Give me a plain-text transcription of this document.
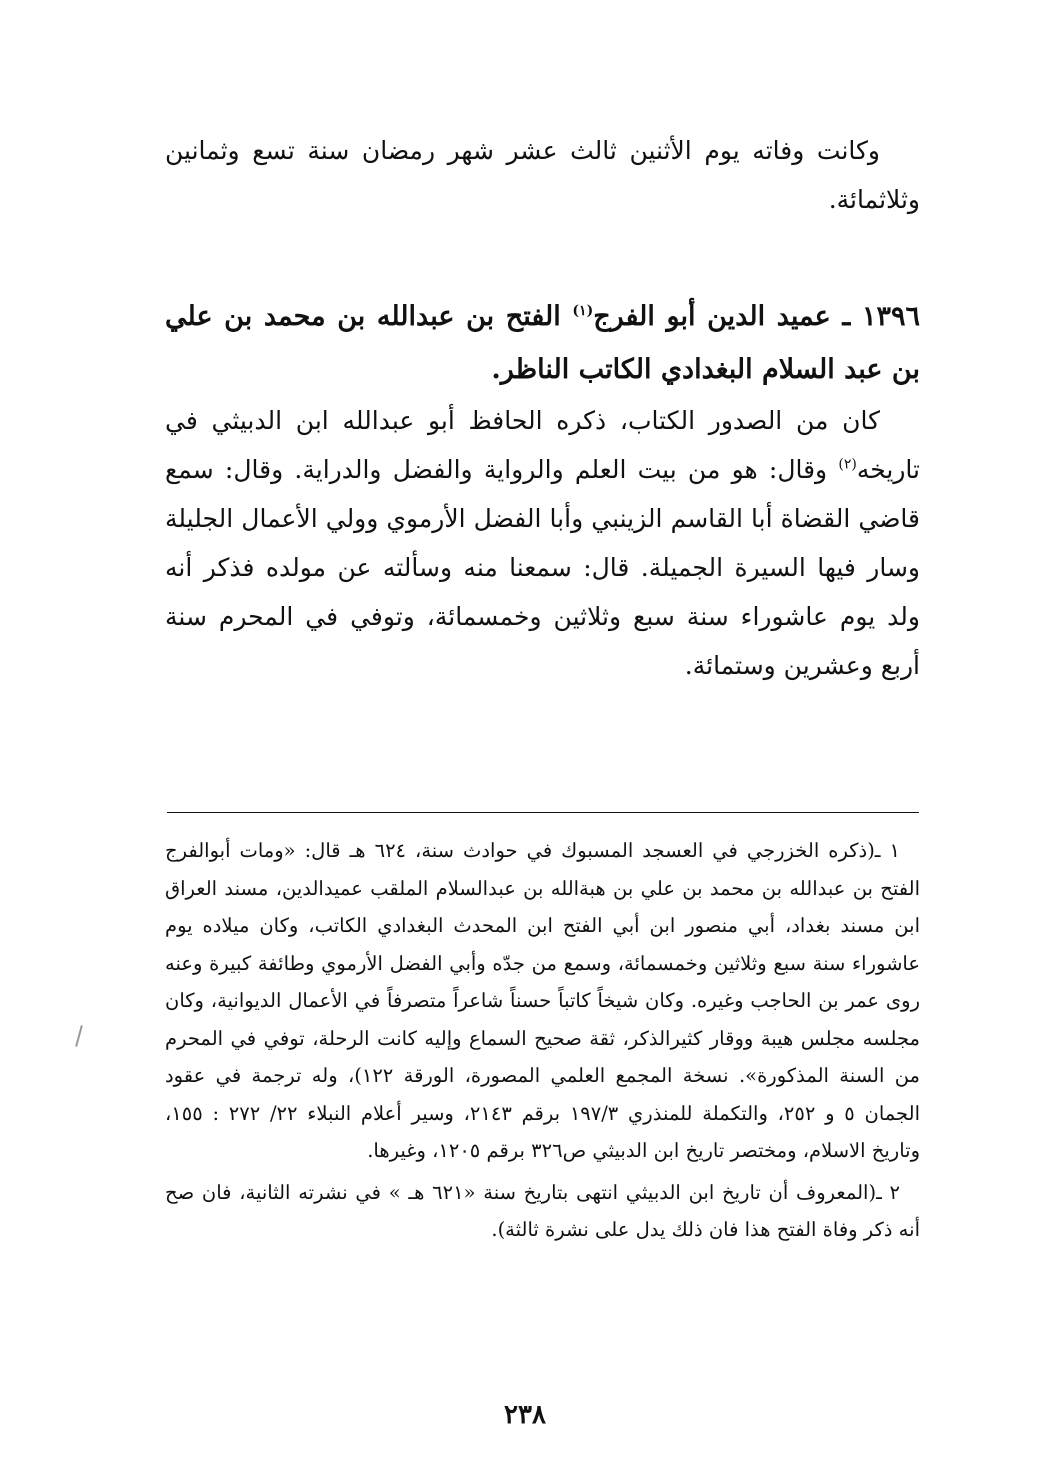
وكانت وفاته يوم الأثنين ثالث عشر شهر رمضان سنة تسع وثمانين وثلاثمائة.
١٣٩٦ ـ عميد الدين أبو الفرج$^{(١)}$ الفتح بن عبدالله بن محمد بن علي بن عبد السلام البغدادي الكاتب الناظر.
كان من الصدور الكتاب، ذكره الحافظ أبو عبدالله ابن الدبيثي في تاريخه$^{(٢)}$ وقال: هو من بيت العلم والرواية والفضل والدراية. وقال: سمع قاضي القضاة أبا القاسم الزينبي وأبا الفضل الأرموي وولي الأعمال الجليلة وسار فيها السيرة الجميلة. قال: سمعنا منه وسألته عن مولده فذكر أنه ولد يوم عاشوراء سنة سبع وثلاثين وخمسمائة، وتوفي في المحرم سنة أربع وعشرين وستمائة.

١ ـ(ذكره الخزرجي في العسجد المسبوك في حوادث سنة، ٦٢٤ هـ قال: «ومات أبوالفرج الفتح بن عبدالله بن محمد بن علي بن هبةالله بن عبدالسلام الملقب عميدالدين، مسند العراق ابن مسند بغداد، أبي منصور ابن أبي الفتح ابن المحدث البغدادي الكاتب، وكان ميلاده يوم عاشوراء سنة سبع وثلاثين وخمسمائة، وسمع من جدّه وأبي الفضل الأرموي وطائفة كبيرة وعنه روى عمر بن الحاجب وغيره. وكان شيخاً كاتباً حسناً شاعراً متصرفاً في الأعمال الديوانية، وكان مجلسه مجلس هيبة ووقار كثيرالذكر، ثقة صحيح السماع وإليه كانت الرحلة، توفي في المحرم من السنة المذكورة». نسخة المجمع العلمي المصورة، الورقة ١٢٢)، وله ترجمة في عقود الجمان ٥ و ٢٥٢، والتكملة للمنذري ١٩٧/٣ برقم ٢١٤٣، وسير أعلام النبلاء ٢٢/ ٢٧٢ : ١٥٥، وتاريخ الاسلام، ومختصر تاريخ ابن الدبيثي ص٣٢٦ برقم ١٢٠٥، وغيرها.

٢ ـ(المعروف أن تاريخ ابن الدبيثي انتهى بتاريخ سنة «٦٢١ هـ » في نشرته الثانية، فان صح أنه ذكر وفاة الفتح هذا فان ذلك يدل على نشرة ثالثة).

٢٣٨
